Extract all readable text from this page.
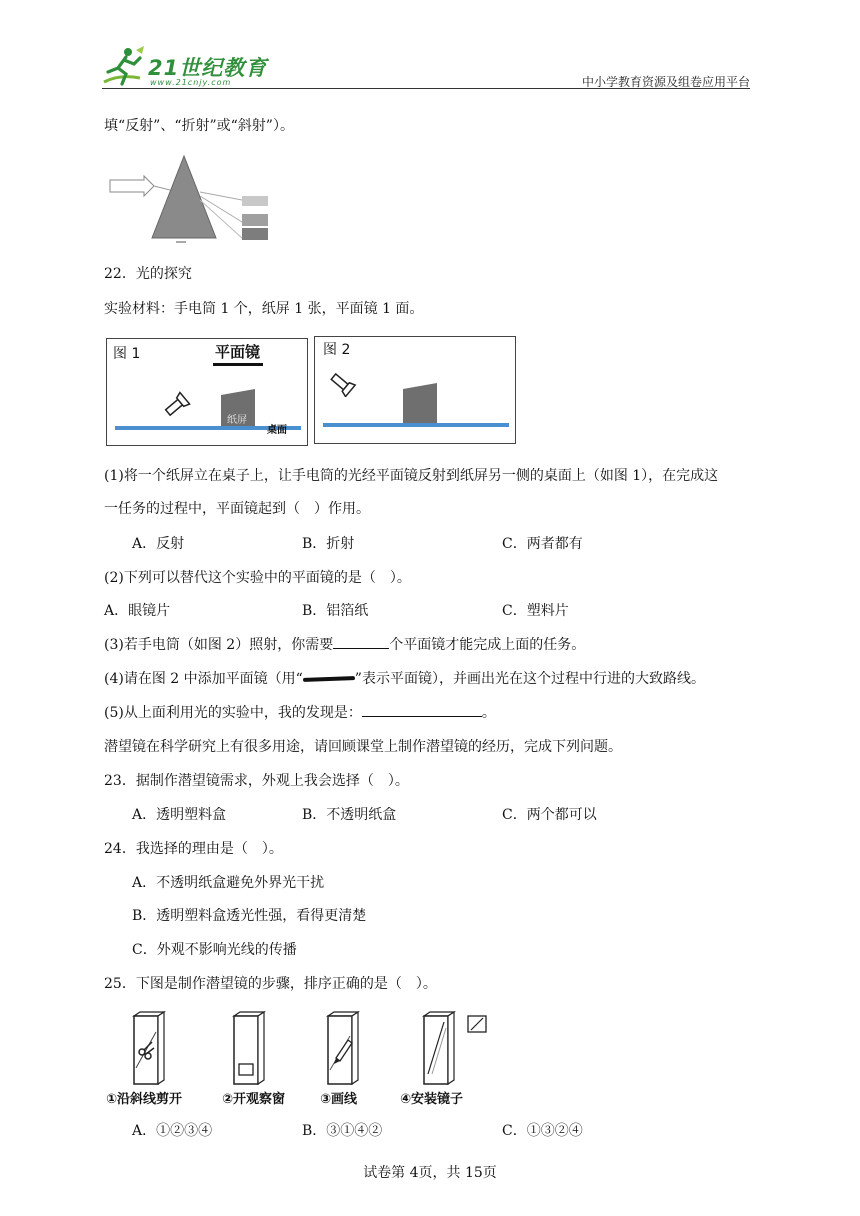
21世纪教育
www.21cnjy.com	中小学教育资源及组卷应用平台
填“反射”、“折射”或“斜射”）。
22．光的探究
实验材料：手电筒 1 个，纸屏 1 张，平面镜 1 面。
图 1	平面镜
纸屏
桌面
图 2
(1)将一个纸屏立在桌子上，让手电筒的光经平面镜反射到纸屏另一侧的桌面上（如图 1），在完成这
一任务的过程中，平面镜起到（　）作用。
A．反射	B．折射	C．两者都有
(2)下列可以替代这个实验中的平面镜的是（　）。
A．眼镜片	B．铝箔纸	C．塑料片
(3)若手电筒（如图 2）照射，你需要	个平面镜才能完成上面的任务。
(4)请在图 2 中添加平面镜（用“	”表示平面镜），并画出光在这个过程中行进的大致路线。
(5)从上面利用光的实验中，我的发现是：	。
潜望镜在科学研究上有很多用途，请回顾课堂上制作潜望镜的经历，完成下列问题。
23．据制作潜望镜需求，外观上我会选择（　）。
A．透明塑料盒	B．不透明纸盒	C．两个都可以
24．我选择的理由是（　）。
A．不透明纸盒避免外界光干扰
B．透明塑料盒透光性强，看得更清楚
C．外观不影响光线的传播
25．下图是制作潜望镜的步骤，排序正确的是（　）。
①沿斜线剪开	②开观察窗	③画线	④安装镜子
A．①②③④	B．③①④②	C．①③②④
试卷第 4页，共 15页
